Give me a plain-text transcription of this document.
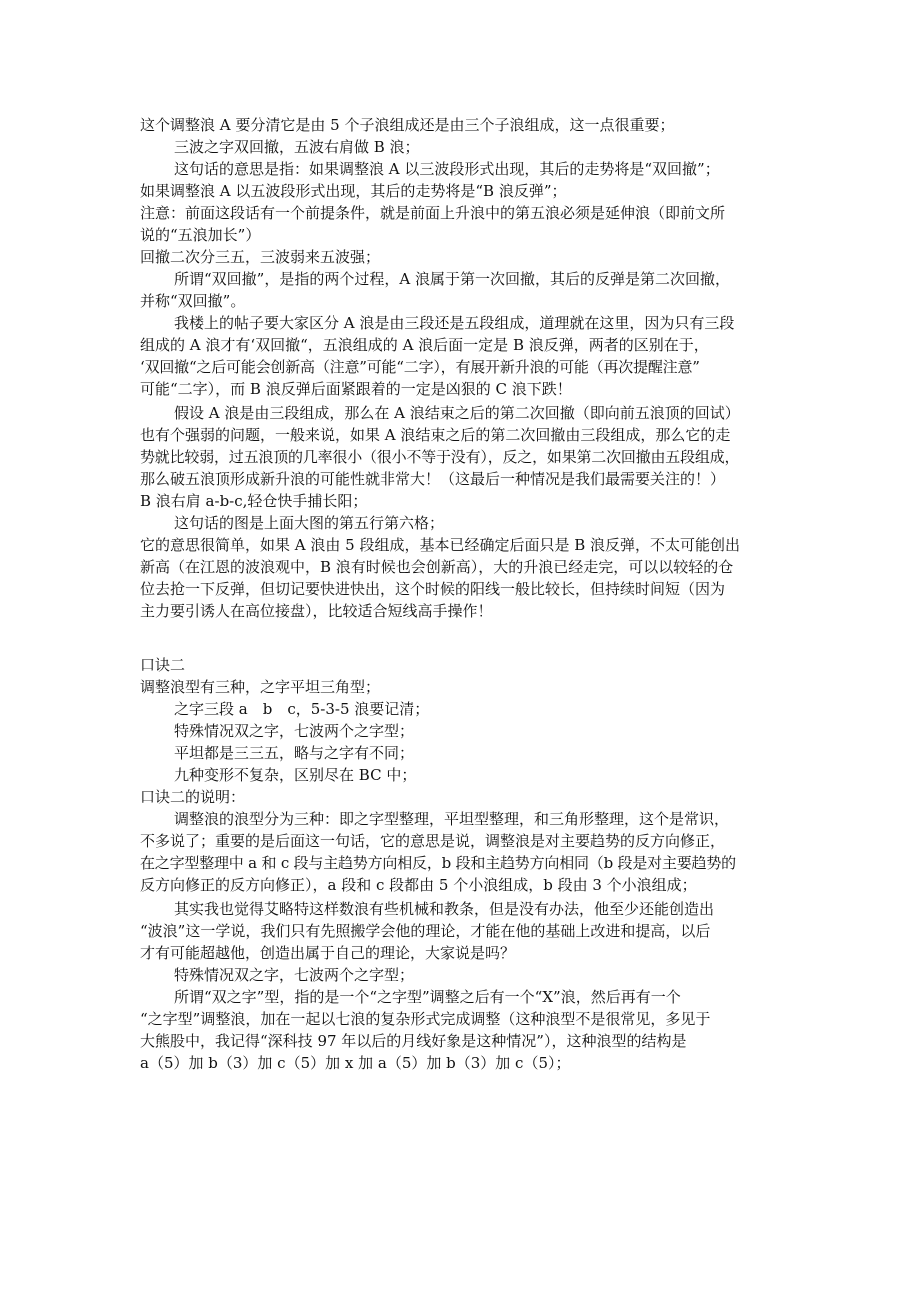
这个调整浪 A 要分清它是由 5 个子浪组成还是由三个子浪组成，这一点很重要；
三波之字双回撤，五波右肩做 B 浪；
这句话的意思是指：如果调整浪 A 以三波段形式出现，其后的走势将是“双回撤”；
如果调整浪 A 以五波段形式出现，其后的走势将是“B 浪反弹”；
注意：前面这段话有一个前提条件，就是前面上升浪中的第五浪必须是延伸浪（即前文所
说的“五浪加长”）
回撤二次分三五，三波弱来五波强；
所谓“双回撤”，是指的两个过程，A 浪属于第一次回撤，其后的反弹是第二次回撤，
并称“双回撤”。
我楼上的帖子要大家区分 A 浪是由三段还是五段组成，道理就在这里，因为只有三段
组成的 A 浪才有‘双回撤“，五浪组成的 A 浪后面一定是 B 浪反弹，两者的区别在于，
‘双回撤“之后可能会创新高（注意”可能“二字），有展开新升浪的可能（再次提醒注意”
可能“二字），而 B 浪反弹后面紧跟着的一定是凶狠的 C 浪下跌！
假设 A 浪是由三段组成，那么在 A 浪结束之后的第二次回撤（即向前五浪顶的回试）
也有个强弱的问题，一般来说，如果 A 浪结束之后的第二次回撤由三段组成，那么它的走
势就比较弱，过五浪顶的几率很小（很小不等于没有），反之，如果第二次回撤由五段组成，
那么破五浪顶形成新升浪的可能性就非常大！（这最后一种情况是我们最需要关注的！）
B 浪右肩 a-b-c,轻仓快手捕长阳；
这句话的图是上面大图的第五行第六格；
它的意思很简单，如果 A 浪由 5 段组成，基本已经确定后面只是 B 浪反弹，不太可能创出
新高（在江恩的波浪观中，B 浪有时候也会创新高），大的升浪已经走完，可以以较轻的仓
位去抢一下反弹，但切记要快进快出，这个时候的阳线一般比较长，但持续时间短（因为
主力要引诱人在高位接盘），比较适合短线高手操作！
口诀二
调整浪型有三种，之字平坦三角型；
之字三段 a　b　c，5-3-5 浪要记清；
特殊情况双之字，七波两个之字型；
平坦都是三三五，略与之字有不同；
九种变形不复杂，区别尽在 BC 中；
口诀二的说明：
调整浪的浪型分为三种：即之字型整理，平坦型整理，和三角形整理，这个是常识，
不多说了；重要的是后面这一句话，它的意思是说，调整浪是对主要趋势的反方向修正，
在之字型整理中 a 和 c 段与主趋势方向相反，b 段和主趋势方向相同（b 段是对主要趋势的
反方向修正的反方向修正），a 段和 c 段都由 5 个小浪组成，b 段由 3 个小浪组成；
其实我也觉得艾略特这样数浪有些机械和教条，但是没有办法，他至少还能创造出
“波浪”这一学说，我们只有先照搬学会他的理论，才能在他的基础上改进和提高，以后
才有可能超越他，创造出属于自己的理论，大家说是吗？
特殊情况双之字，七波两个之字型；
所谓“双之字”型，指的是一个“之字型”调整之后有一个“X”浪，然后再有一个
“之字型”调整浪，加在一起以七浪的复杂形式完成调整（这种浪型不是很常见，多见于
大熊股中，我记得“深科技 97 年以后的月线好象是这种情况”），这种浪型的结构是
a（5）加 b（3）加 c（5）加 x 加 a（5）加 b（3）加 c（5）；
